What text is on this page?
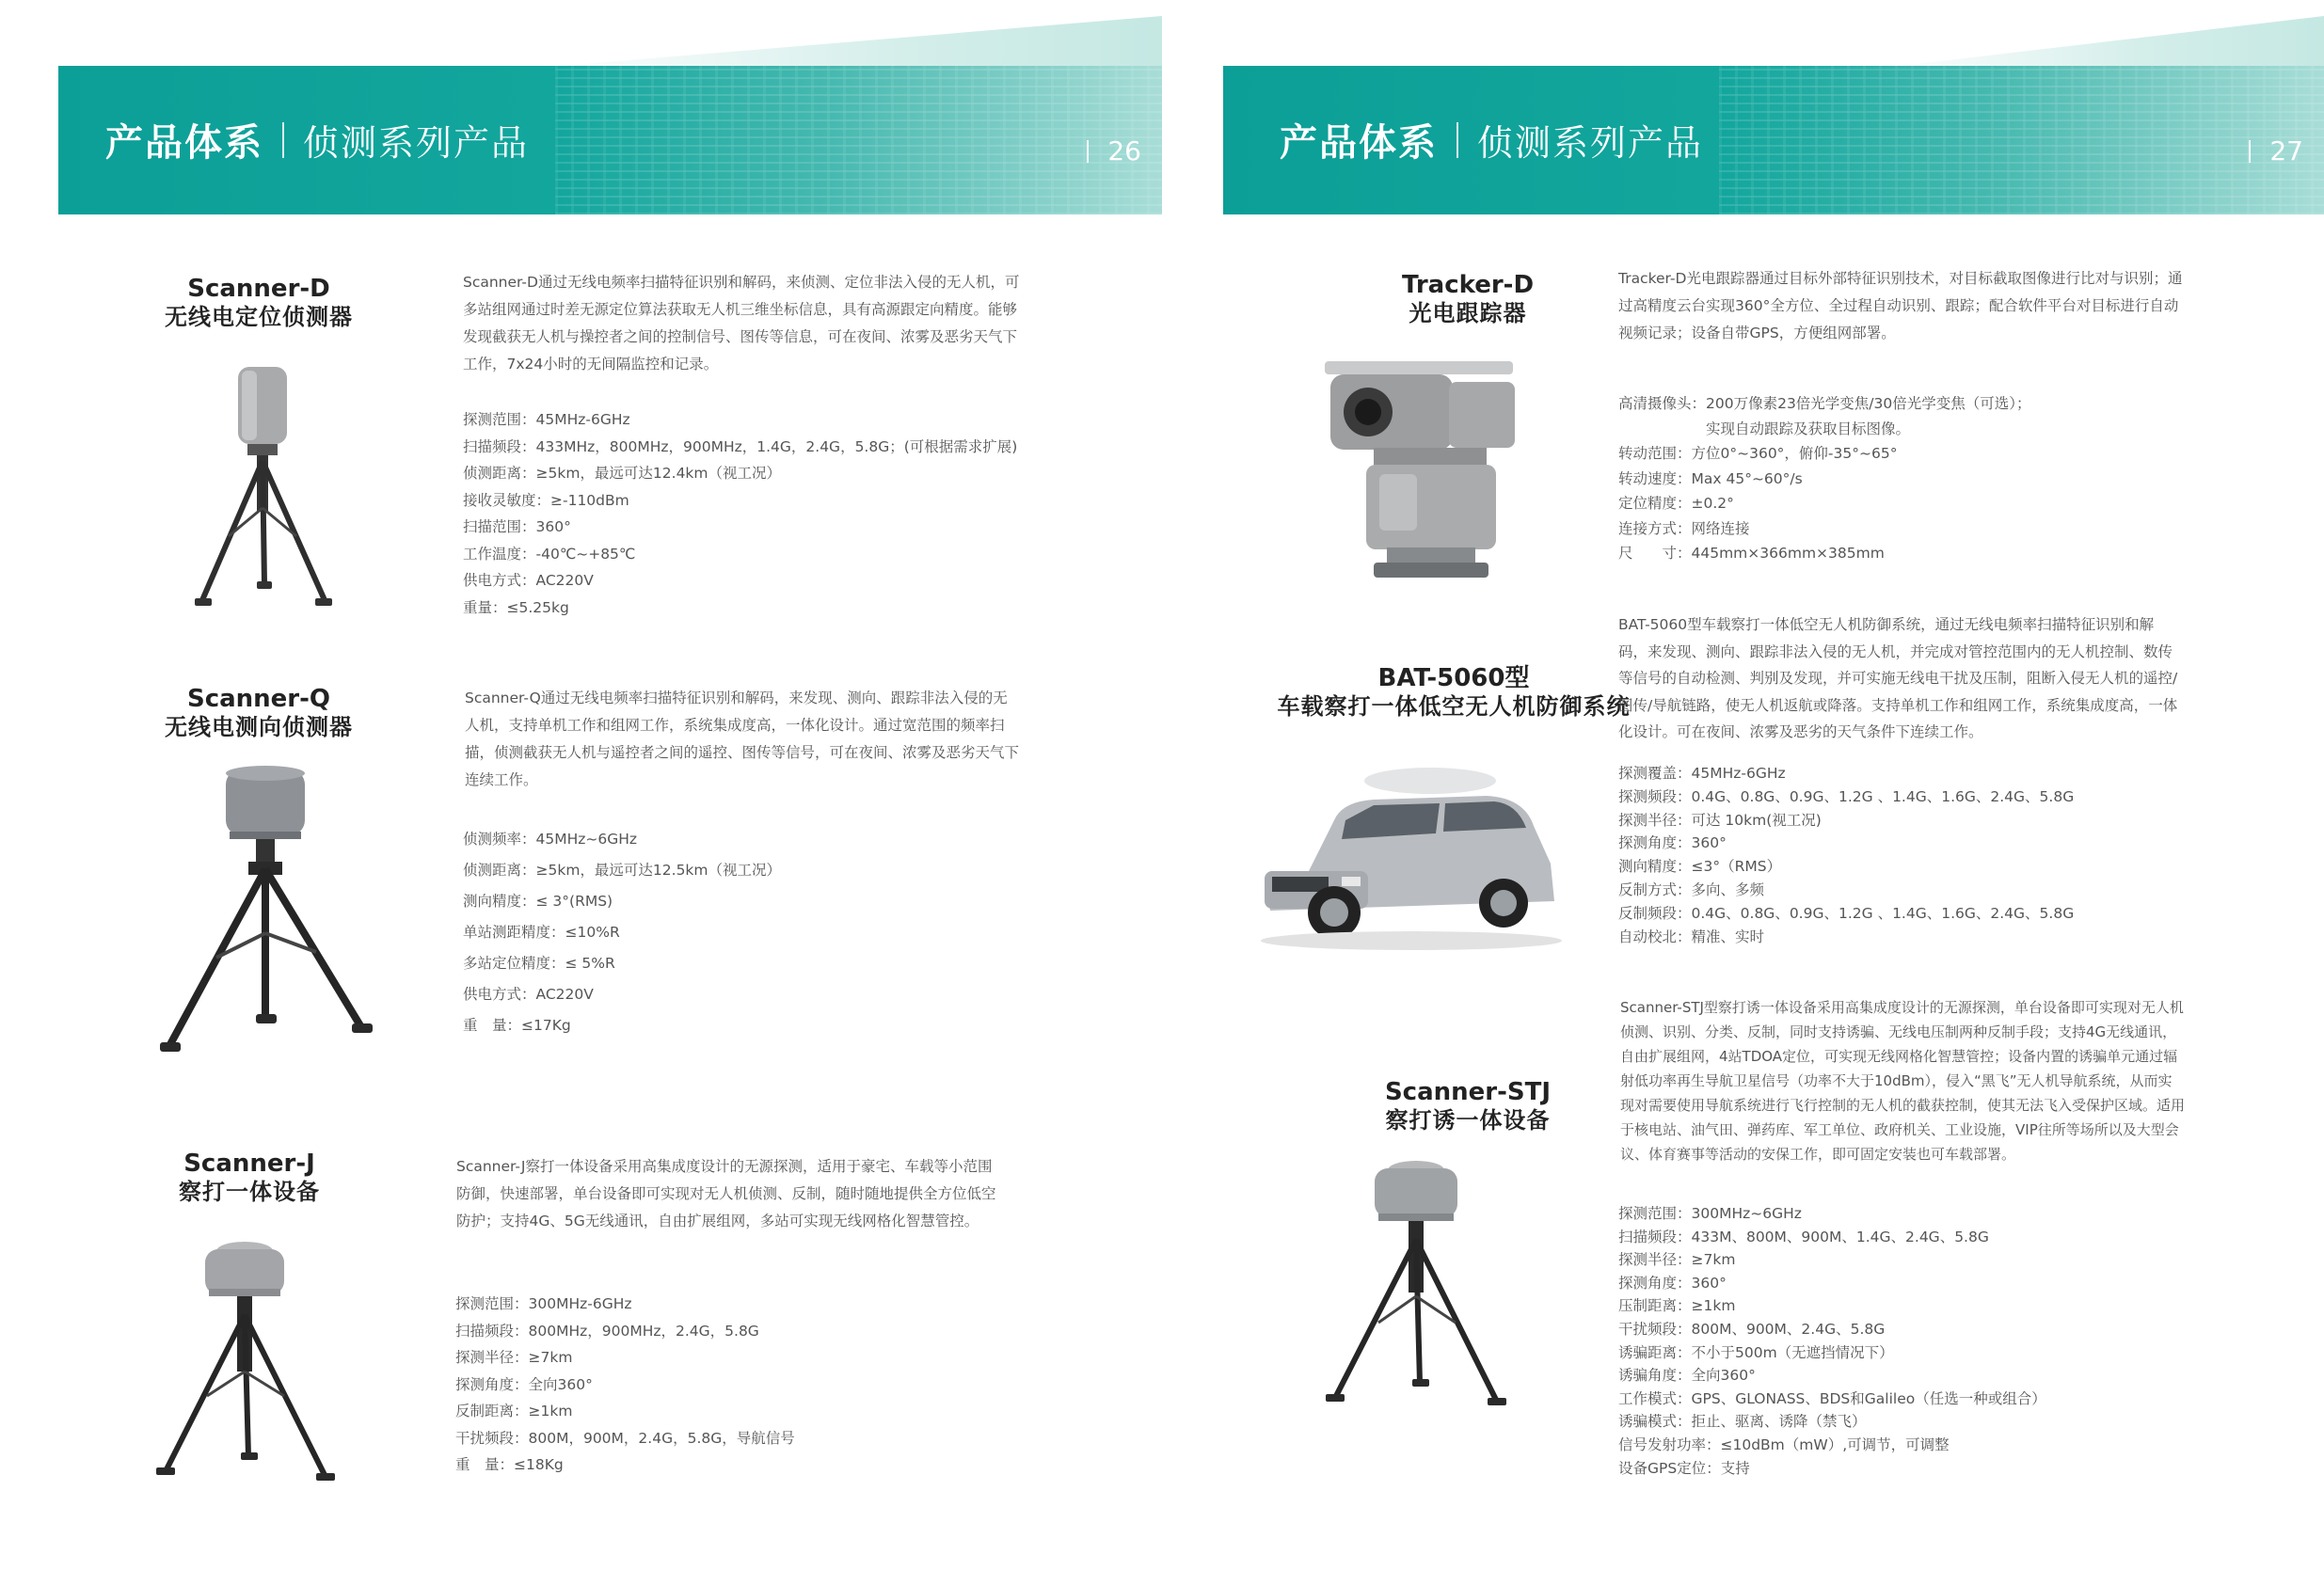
产品体系 侦测系列产品	26
Scanner-D
无线电定位侦测器
Scanner-D通过无线电频率扫描特征识别和解码，来侦测、定位非法入侵的无人机，可多站组网通过时差无源定位算法获取无人机三维坐标信息，具有高源跟定向精度。能够发现截获无人机与操控者之间的控制信号、图传等信息，可在夜间、浓雾及恶劣天气下工作，7x24小时的无间隔监控和记录。
探测范围：45MHz-6GHz
扫描频段：433MHz，800MHz，900MHz，1.4G，2.4G，5.8G；(可根据需求扩展)
侦测距离：≥5km，最远可达12.4km（视工况）
接收灵敏度：≥-110dBm
扫描范围：360°
工作温度：-40℃~+85℃
供电方式：AC220V
重量：≤5.25kg
Scanner-Q
无线电测向侦测器
Scanner-Q通过无线电频率扫描特征识别和解码，来发现、测向、跟踪非法入侵的无人机，支持单机工作和组网工作，系统集成度高，一体化设计。通过宽范围的频率扫描，侦测截获无人机与遥控者之间的遥控、图传等信号，可在夜间、浓雾及恶劣天气下连续工作。
侦测频率：45MHz~6GHz
侦测距离：≥5km，最远可达12.5km（视工况）
测向精度：≤ 3°(RMS)
单站测距精度：≤10%R
多站定位精度：≤ 5%R
供电方式：AC220V
重　量：≤17Kg
Scanner-J
察打一体设备
Scanner-J察打一体设备采用高集成度设计的无源探测，适用于豪宅、车载等小范围防御，快速部署，单台设备即可实现对无人机侦测、反制，随时随地提供全方位低空防护；支持4G、5G无线通讯，自由扩展组网，多站可实现无线网格化智慧管控。
探测范围：300MHz-6GHz
扫描频段：800MHz，900MHz，2.4G，5.8G
探测半径：≥7km
探测角度：全向360°
反制距离：≥1km
干扰频段：800M，900M，2.4G，5.8G，导航信号
重　量：≤18Kg
产品体系 侦测系列产品	27
Tracker-D
光电跟踪器
Tracker-D光电跟踪器通过目标外部特征识别技术，对目标截取图像进行比对与识别；通过高精度云台实现360°全方位、全过程自动识别、跟踪；配合软件平台对目标进行自动视频记录；设备自带GPS，方便组网部署。
高清摄像头：200万像素23倍光学变焦/30倍光学变焦（可选）；
　　　　　　实现自动跟踪及获取目标图像。
转动范围：方位0°~360°，俯仰-35°~65°
转动速度：Max 45°~60°/s
定位精度：±0.2°
连接方式：网络连接
尺　　寸：445mm×366mm×385mm
BAT-5060型
车载察打一体低空无人机防御系统
BAT-5060型车载察打一体低空无人机防御系统，通过无线电频率扫描特征识别和解码，来发现、测向、跟踪非法入侵的无人机，并完成对管控范围内的无人机控制、数传等信号的自动检测、判别及发现，并可实施无线电干扰及压制，阻断入侵无人机的遥控/图传/导航链路，使无人机返航或降落。支持单机工作和组网工作，系统集成度高，一体化设计。可在夜间、浓雾及恶劣的天气条件下连续工作。
探测覆盖：45MHz-6GHz
探测频段：0.4G、0.8G、0.9G、1.2G 、1.4G、1.6G、2.4G、5.8G
探测半径：可达 10km(视工况)
探测角度：360°
测向精度：≤3°（RMS）
反制方式：多向、多频
反制频段：0.4G、0.8G、0.9G、1.2G 、1.4G、1.6G、2.4G、5.8G
自动校北：精准、实时
Scanner-STJ
察打诱一体设备
Scanner-STJ型察打诱一体设备采用高集成度设计的无源探测，单台设备即可实现对无人机侦测、识别、分类、反制，同时支持诱骗、无线电压制两种反制手段；支持4G无线通讯，自由扩展组网，4站TDOA定位，可实现无线网格化智慧管控；设备内置的诱骗单元通过辐射低功率再生导航卫星信号（功率不大于10dBm），侵入“黑飞”无人机导航系统，从而实现对需要使用导航系统进行飞行控制的无人机的截获控制，使其无法飞入受保护区域。适用于核电站、油气田、弹药库、军工单位、政府机关、工业设施，VIP往所等场所以及大型会议、体育赛事等活动的安保工作，即可固定安装也可车载部署。
探测范围：300MHz~6GHz
扫描频段：433M、800M、900M、1.4G、2.4G、5.8G
探测半径：≥7km
探测角度：360°
压制距离：≥1km
干扰频段：800M、900M、2.4G、5.8G
诱骗距离：不小于500m（无遮挡情况下）
诱骗角度：全向360°
工作模式：GPS、GLONASS、BDS和Galileo（任选一种或组合）
诱骗模式：拒止、驱离、诱降（禁飞）
信号发射功率：≤10dBm（mW）,可调节，可调整
设备GPS定位：支持
